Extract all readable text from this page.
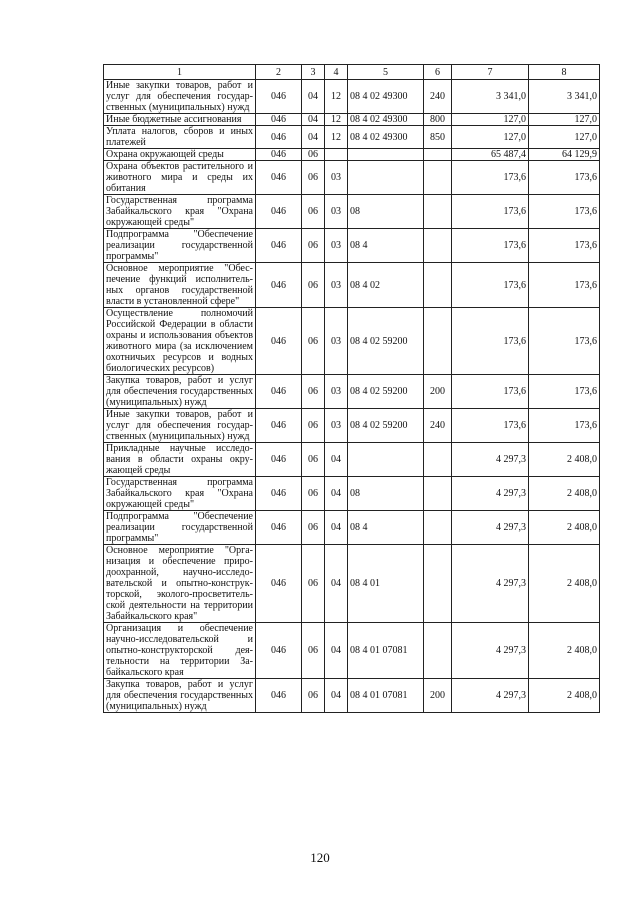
1	2	3	4	5	6	7	8
Иные закупки товаров, работ и услуг для обеспечения государственных (муниципальных) нужд	046	04	12	08 4 02 49300	240	3 341,0	3 341,0
Иные бюджетные ассигнования	046	04	12	08 4 02 49300	800	127,0	127,0
Уплата налогов, сборов и иных платежей	046	04	12	08 4 02 49300	850	127,0	127,0
Охрана окружающей среды	046	06				65 487,4	64 129,9
Охрана объектов растительного и животного мира и среды их обитания	046	06	03			173,6	173,6
Государственная программа Забайкальского края "Охрана окружающей среды"	046	06	03	08		173,6	173,6
Подпрограмма "Обеспечение реализации государственной программы"	046	06	03	08 4		173,6	173,6
Основное мероприятие "Обеспечение функций исполнительных органов государственной власти в установленной сфере"	046	06	03	08 4 02		173,6	173,6
Осуществление полномочий Российской Федерации в области охраны и использования объектов животного мира (за исключением охотничьих ресурсов и водных биологических ресурсов)	046	06	03	08 4 02 59200		173,6	173,6
Закупка товаров, работ и услуг для обеспечения государственных (муниципальных) нужд	046	06	03	08 4 02 59200	200	173,6	173,6
Иные закупки товаров, работ и услуг для обеспечения государственных (муниципальных) нужд	046	06	03	08 4 02 59200	240	173,6	173,6
Прикладные научные исследования в области охраны окружающей среды	046	06	04			4 297,3	2 408,0
Государственная программа Забайкальского края "Охрана окружающей среды"	046	06	04	08		4 297,3	2 408,0
Подпрограмма "Обеспечение реализации государственной программы"	046	06	04	08 4		4 297,3	2 408,0
Основное мероприятие "Организация и обеспечение природоохранной, научно-исследовательской и опытно-конструкторской, эколого-просветительской деятельности на территории Забайкальского края"	046	06	04	08 4 01		4 297,3	2 408,0
Организация и обеспечение научно-исследовательской и опытно-конструкторской деятельности на территории Забайкальского края	046	06	04	08 4 01 07081		4 297,3	2 408,0
Закупка товаров, работ и услуг для обеспечения государственных (муниципальных) нужд	046	06	04	08 4 01 07081	200	4 297,3	2 408,0
120
